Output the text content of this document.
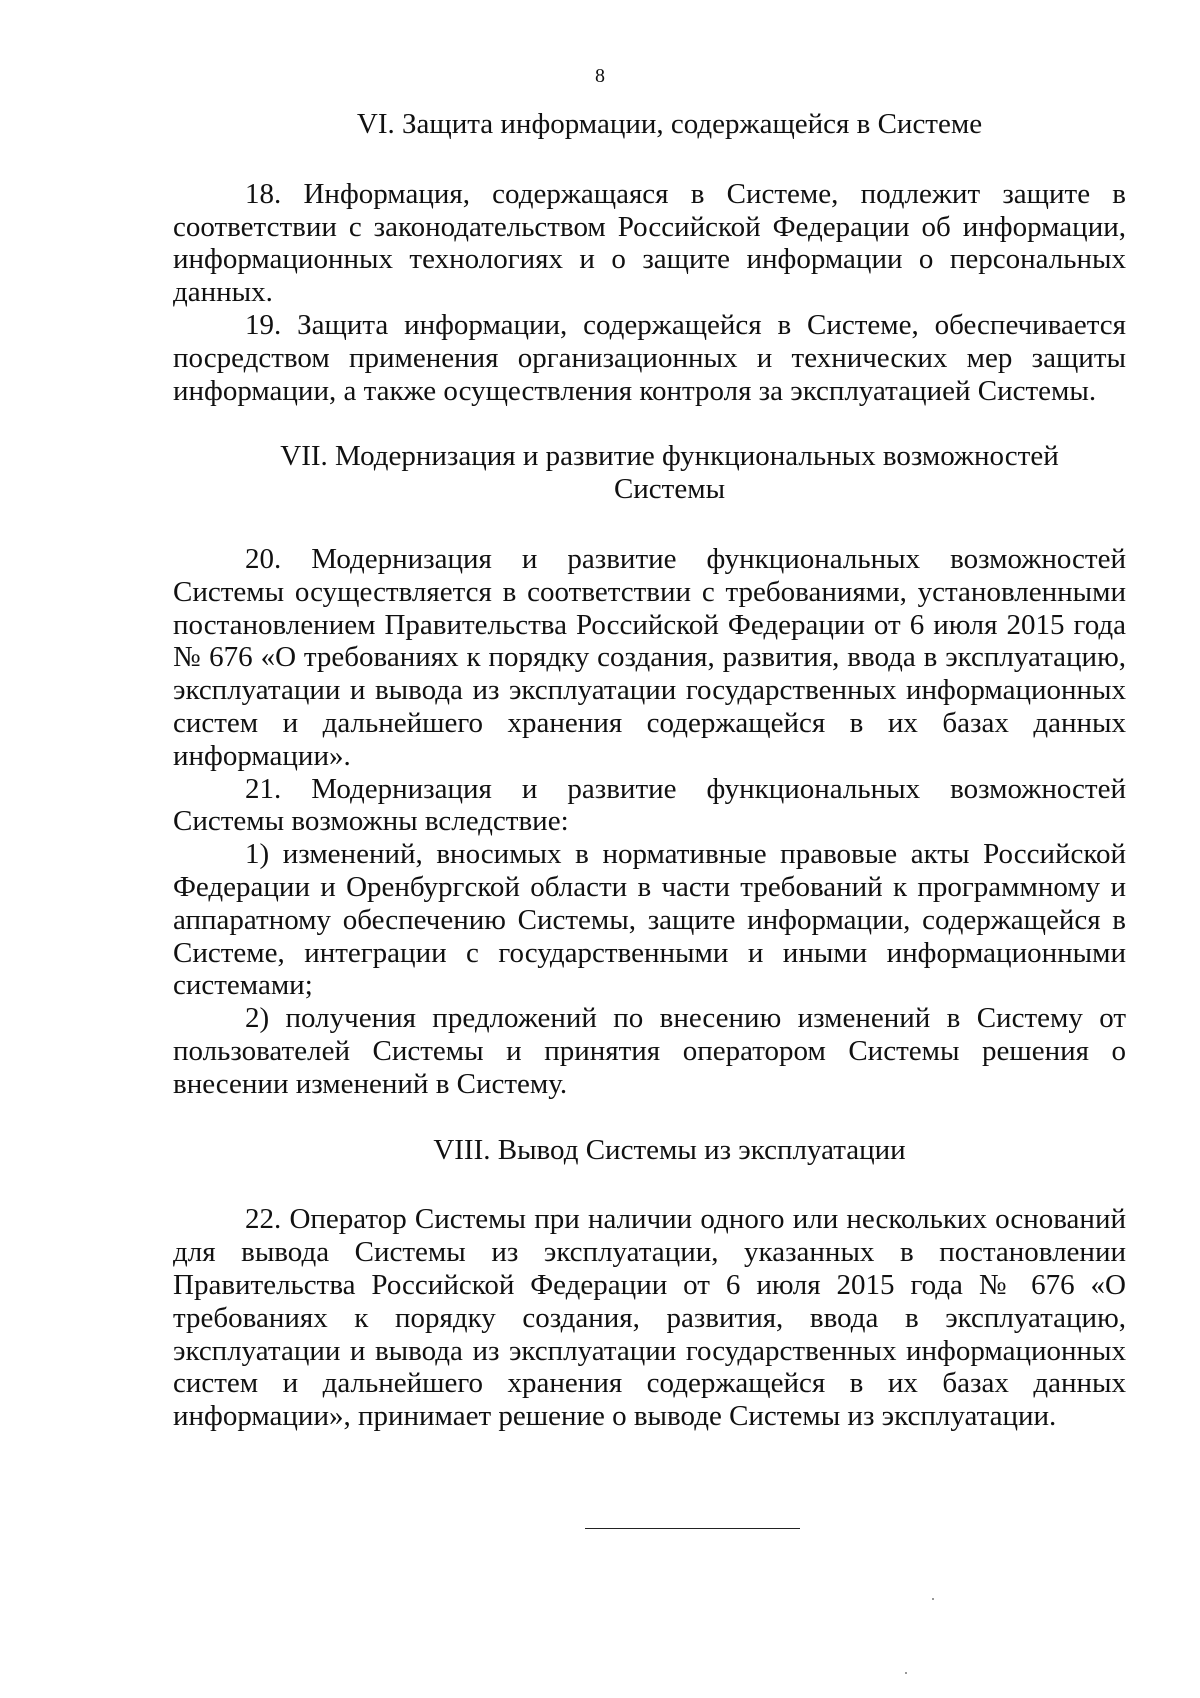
8

VI. Защита информации, содержащейся в Системе

18. Информация, содержащаяся в Системе, подлежит защите в соответствии с законодательством Российской Федерации об информации, информационных технологиях и о защите информации о персональных данных.

19. Защита информации, содержащейся в Системе, обеспечивается посредством применения организационных и технических мер защиты информации, а также осуществления контроля за эксплуатацией Системы.

VII. Модернизация и развитие функциональных возможностей

Системы

20. Модернизация и развитие функциональных возможностей Системы осуществляется в соответствии с требованиями, установленными постановлением Правительства Российской Федерации от 6 июля 2015 года № 676 «О требованиях к порядку создания, развития, ввода в эксплуатацию, эксплуатации и вывода из эксплуатации государственных информационных систем и дальнейшего хранения содержащейся в их базах данных информации».

21. Модернизация и развитие функциональных возможностей Системы возможны вследствие:

1) изменений, вносимых в нормативные правовые акты Российской Федерации и Оренбургской области в части требований к программному и аппаратному обеспечению Системы, защите информации, содержащейся в Системе, интеграции с государственными и иными информационными системами;

2) получения предложений по внесению изменений в Систему от пользователей Системы и принятия оператором Системы решения о внесении изменений в Систему.

VIII. Вывод Системы из эксплуатации

22. Оператор Системы при наличии одного или нескольких оснований для вывода Системы из эксплуатации, указанных в постановлении Правительства Российской Федерации от 6 июля 2015 года № 676 «О требованиях к порядку создания, развития, ввода в эксплуатацию, эксплуатации и вывода из эксплуатации государственных информационных систем и дальнейшего хранения содержащейся в их базах данных информации», принимает решение о выводе Системы из эксплуатации.
